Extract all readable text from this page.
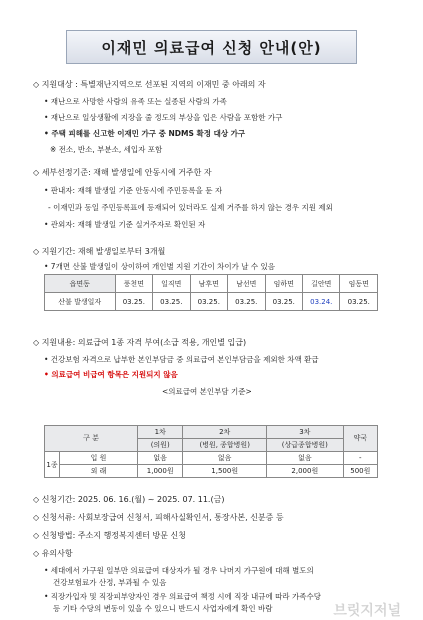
이재민 의료급여 신청 안내(안)
◇ 지원대상 : 특별재난지역으로 선포된 지역의 이재민 중 아래의 자
• 재난으로 사망한 사람의 유족 또는 실종된 사람의 가족
• 재난으로 일상생활에 지장을 줄 정도의 부상을 입은 사람을 포함한 가구
• 주택 피해를 신고한 이재민 가구 중 NDMS 확정 대상 가구
※ 전소, 반소, 부분소, 세입자 포함
◇ 세부선정기준: 재해 발생일에 안동시에 거주한 자
• 판내자: 재해 발생일 기준 안동시에 주민등록을 둔 자
- 이재민과 동일 주민등록표에 등재되어 있더라도 실제 거주를 하지 않는 경우 지원 제외
• 관외자: 재해 발생일 기준 실거주자로 확인된 자
◇ 지원기간: 재해 발생일로부터 3개월
• 7개면 산불 발생일이 상이하여 개인별 지원 기간이 차이가 날 수 있음
읍면동	풍천면	일직면	남후면	남선면	임하면	길안면	임동면
산불 발생일자	03.25.	03.25.	03.25.	03.25.	03.25.	03.24.	03.25.
◇ 지원내용: 의료급여 1종 자격 부여(소급 적용, 개인별 입급)
• 건강보험 자격으로 납부한 본인부담금 중 의료급여 본인부담금을 제외한 차액 환급
• 의료급여 비급여 항목은 지원되지 않음
<의료급여 본인부담 기준>
구 분		1차	2차	3차	약국
		(의원)	(병원, 종합병원)	(상급종합병원)	
1종	입 원	없음	없음	없음	-
	외 래	1,000원	1,500원	2,000원	500원
◇ 신청기간: 2025. 06. 16.(월) ~ 2025. 07. 11.(금)
◇ 신청서류: 사회보장급여 신청서, 피해사실확인서, 통장사본, 신분증 등
◇ 신청방법: 주소지 행정복지센터 방문 신청
◇ 유의사항
• 세대에서 가구원 일부만 의료급여 대상자가 될 경우 나머지 가구원에 대해 별도의
건강보험료가 산정, 부과될 수 있음
• 직장가입자 및 직장피부양자인 경우 의료급여 책정 시에 직장 내규에 따라 가족수당
등 기타 수당의 변동이 있을 수 있으니 반드시 사업자에게 확인 바람	브릿지저널
